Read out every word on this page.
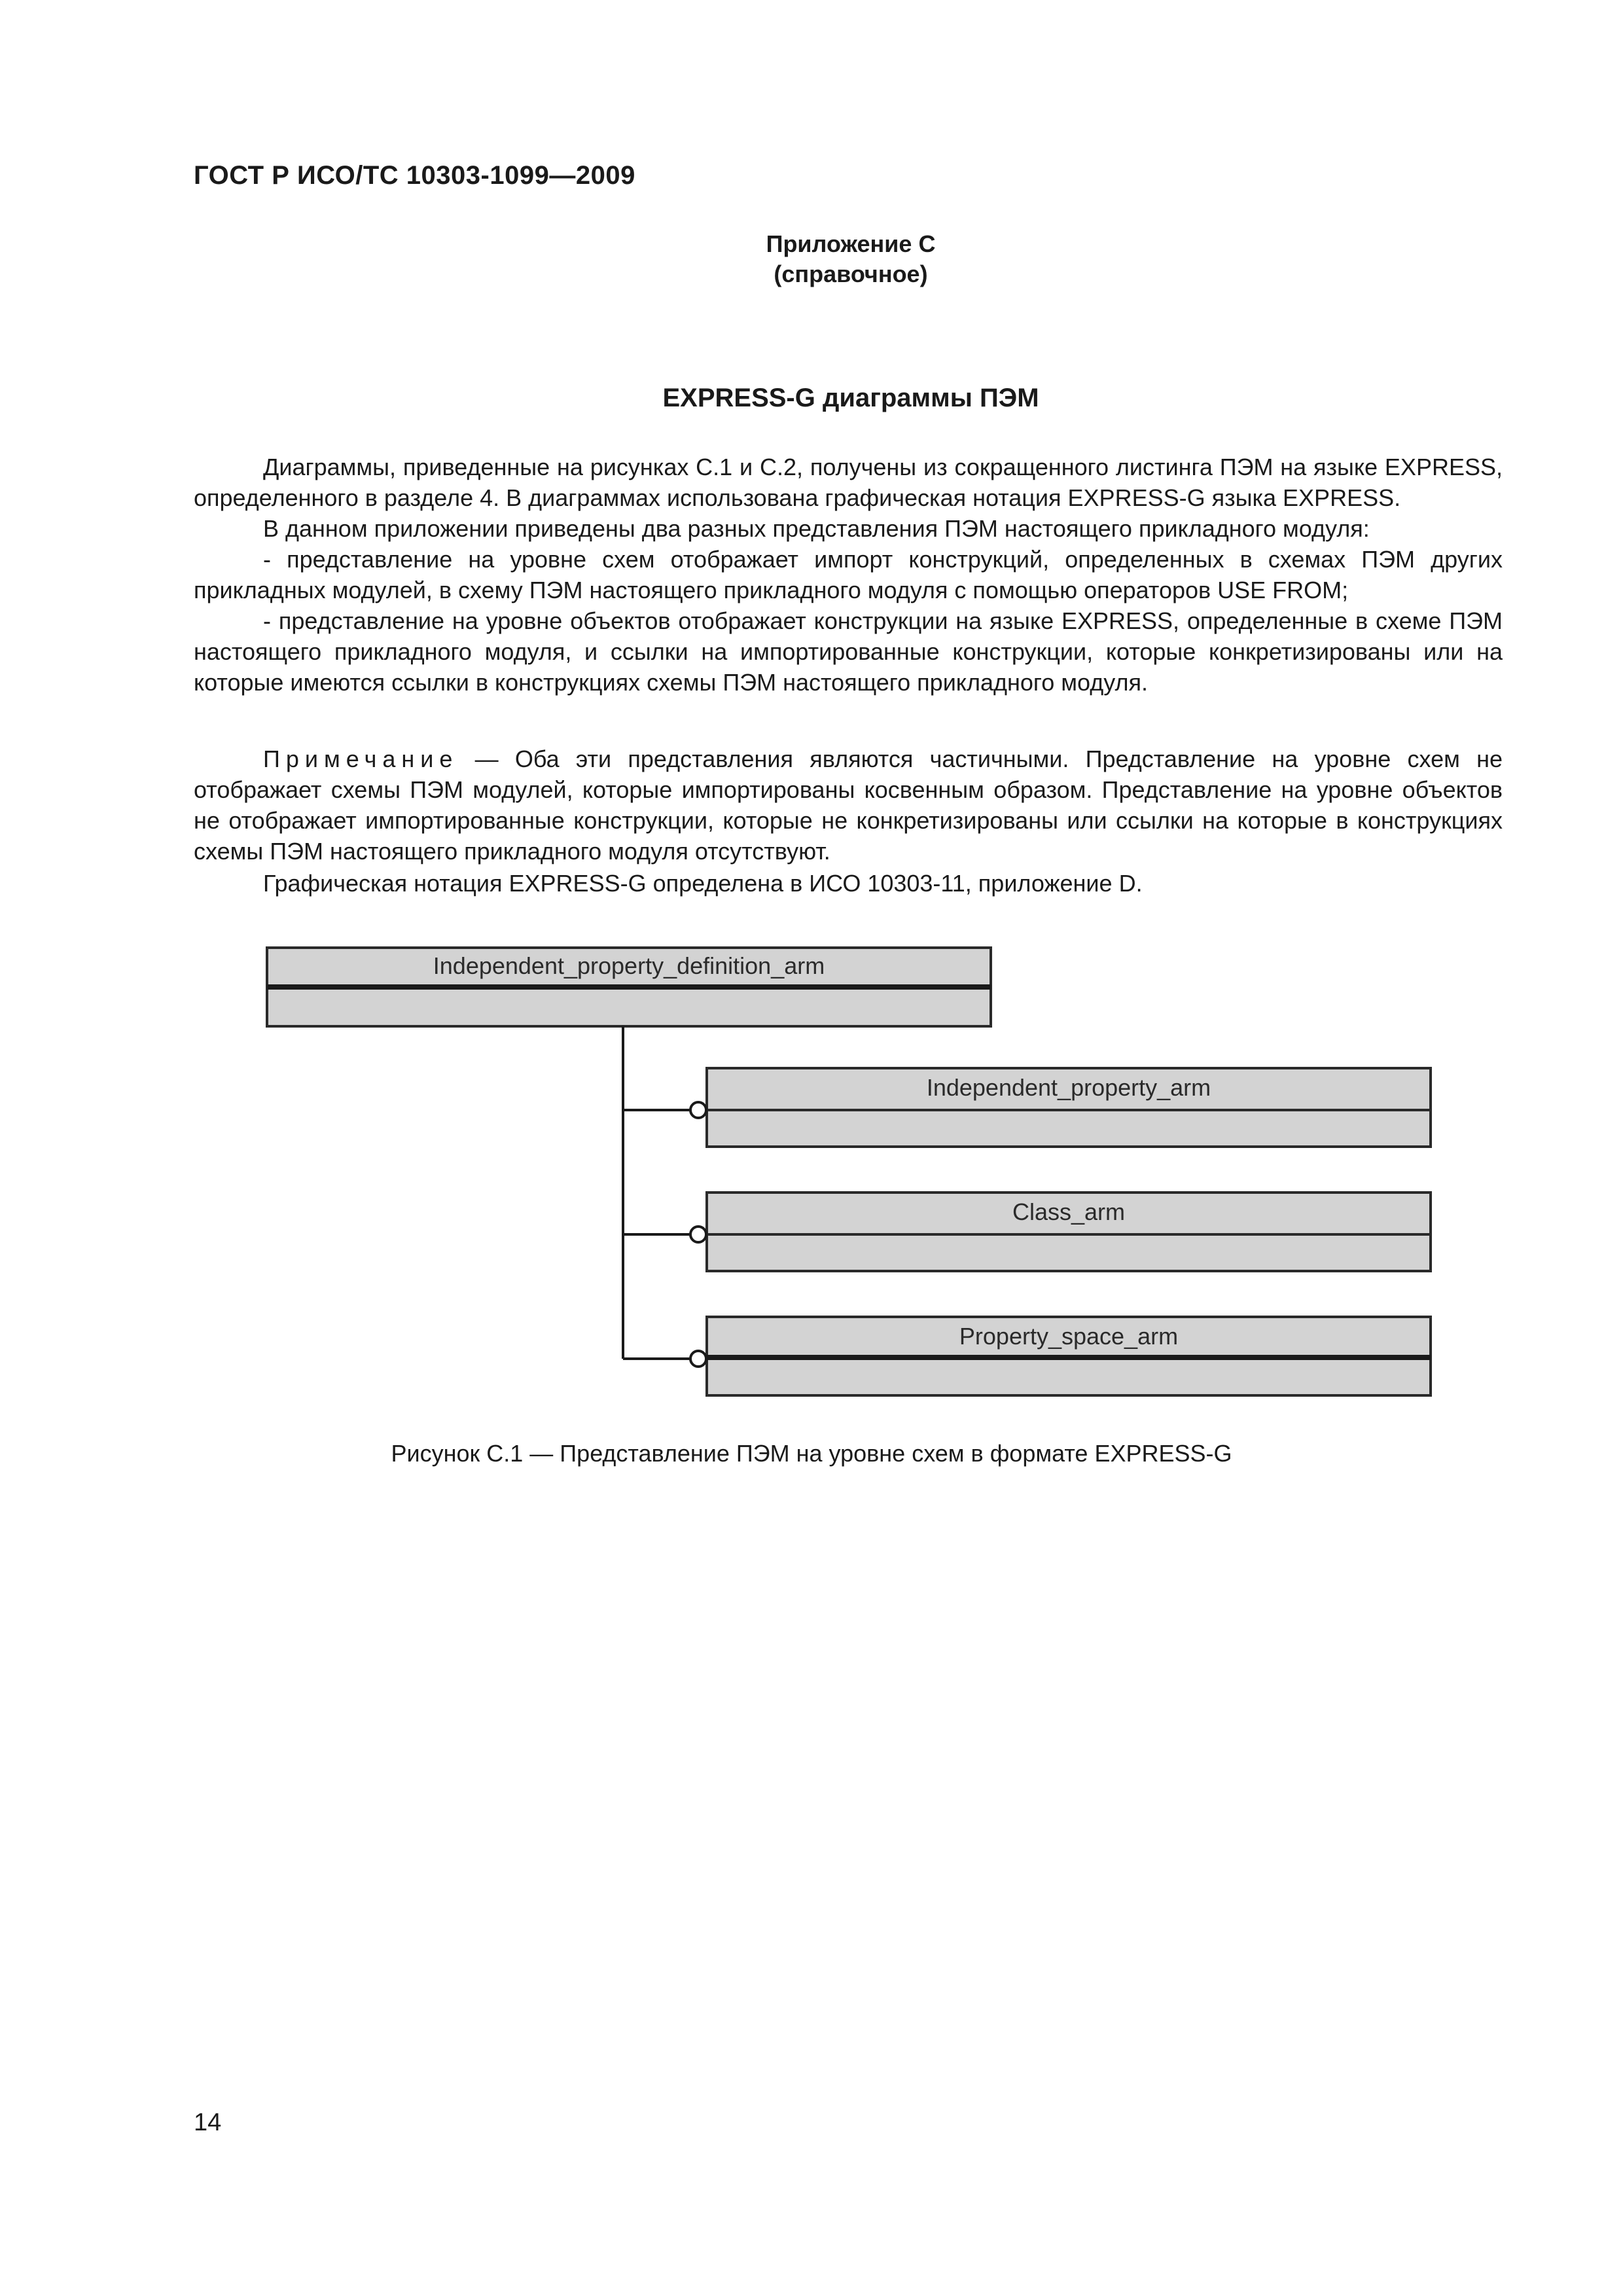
ГОСТ Р ИСО/ТС 10303-1099—2009
Приложение С
(справочное)
EXPRESS-G диаграммы ПЭМ

Диаграммы, приведенные на рисунках С.1 и С.2, получены из сокращенного листинга ПЭМ на языке EXPRESS, определенного в разделе 4. В диаграммах использована графическая нотация EXPRESS-G языка EXPRESS.

В данном приложении приведены два разных представления ПЭМ настоящего прикладного модуля:

- представление на уровне схем отображает импорт конструкций, определенных в схемах ПЭМ других прикладных модулей, в схему ПЭМ настоящего прикладного модуля с помощью операторов USE FROM;

- представление на уровне объектов отображает конструкции на языке EXPRESS, определенные в схеме ПЭМ настоящего прикладного модуля, и ссылки на импортированные конструкции, которые конкретизированы или на которые имеются ссылки в конструкциях схемы ПЭМ настоящего прикладного модуля.

Примечание — Оба эти представления являются частичными. Представление на уровне схем не отображает схемы ПЭМ модулей, которые импортированы косвенным образом. Представление на уровне объектов не отображает импортированные конструкции, которые не конкретизированы или ссылки на которые в конструкциях схемы ПЭМ настоящего прикладного модуля отсутствуют.

Графическая нотация EXPRESS-G определена в ИСО 10303-11, приложение D.

Independent_property_definition_arm
Independent_property_arm
Class_arm
Property_space_arm
Рисунок С.1 — Представление ПЭМ на уровне схем в формате EXPRESS-G
14
